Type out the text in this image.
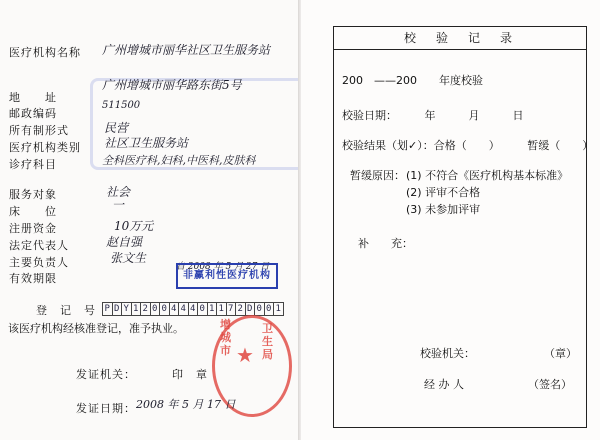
医疗机构名称 广州增城市丽华社区卫生服务站
地　　址
广州增城市丽华路东街5号
邮政编码
511500
所有制形式	民营
医疗机构类别 社区卫生服务站
诊疗科目	全科医疗科,妇科,中医科,皮肤科
服务对象	社会
床　　位	一
注册资金	10万元
法定代表人	赵自强
主要负责人	张文生
有效期限
自 2008 年 5 月 27 日
非赢利性医疗机构
登　记　号 P D Y 1 2 0 0 4 4 4 0 1 1 7 2 D 0 0 1
该医疗机构经核准登记，准予执业。
★
增城市
卫生局
发证机关：	印　章
发证日期： 2008 年 5 月 17 日
校　验　记　录
200　——200　　年度校验
校验日期：　　　年　　　月　　　日
校验结果（划✓）：合格（　　）　　　暂缓（　　）
暂缓原因： (1) 不符合《医疗机构基本标准》
(2) 评审不合格
(3) 未参加评审
补　　充：
校验机关：	（章）
经 办 人	（签名）
